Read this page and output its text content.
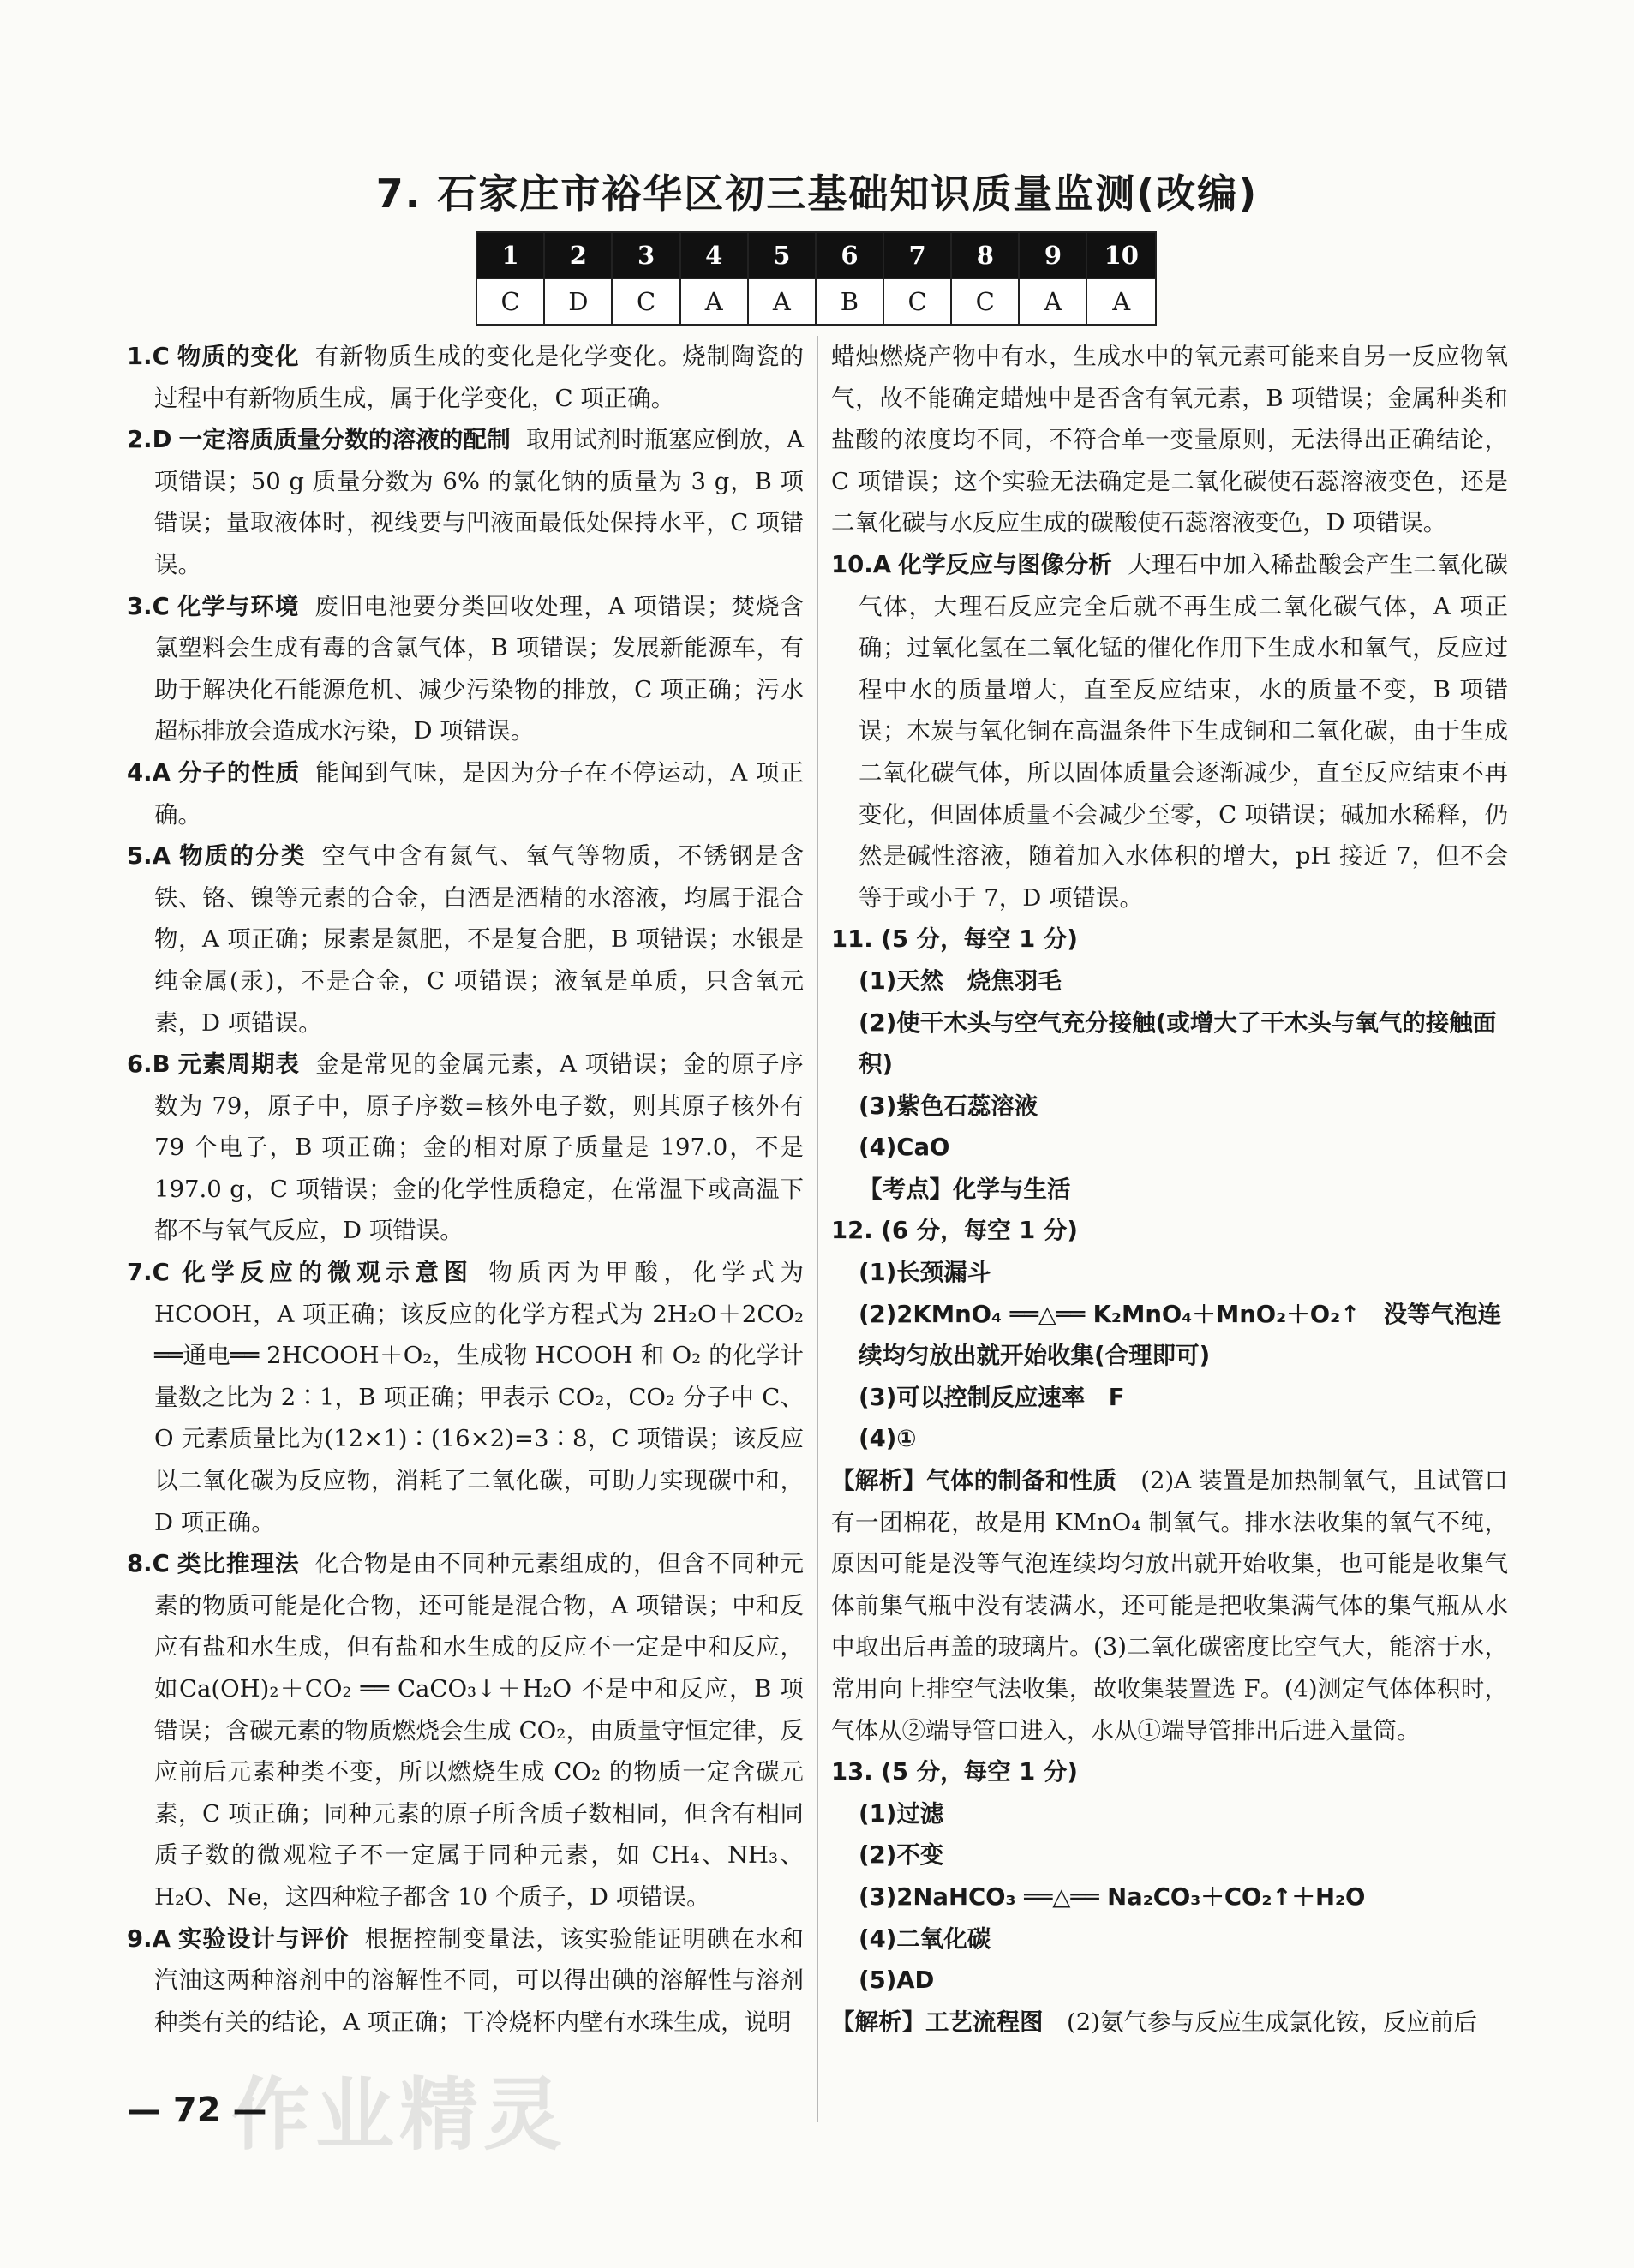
7. 石家庄市裕华区初三基础知识质量监测(改编)
1	2	3	4	5	6	7	8	9	10
C	D	C	A	A	B	C	C	A	A

1.C 物质的变化 有新物质生成的变化是化学变化。烧制陶瓷的过程中有新物质生成，属于化学变化，C 项正确。

2.D 一定溶质质量分数的溶液的配制 取用试剂时瓶塞应倒放，A 项错误；50 g 质量分数为 6% 的氯化钠的质量为 3 g，B 项错误；量取液体时，视线要与凹液面最低处保持水平，C 项错误。

3.C 化学与环境 废旧电池要分类回收处理，A 项错误；焚烧含氯塑料会生成有毒的含氯气体，B 项错误；发展新能源车，有助于解决化石能源危机、减少污染物的排放，C 项正确；污水超标排放会造成水污染，D 项错误。

4.A 分子的性质 能闻到气味，是因为分子在不停运动，A 项正确。

5.A 物质的分类 空气中含有氮气、氧气等物质，不锈钢是含铁、铬、镍等元素的合金，白酒是酒精的水溶液，均属于混合物，A 项正确；尿素是氮肥，不是复合肥，B 项错误；水银是纯金属(汞)，不是合金，C 项错误；液氧是单质，只含氧元素，D 项错误。

6.B 元素周期表 金是常见的金属元素，A 项错误；金的原子序数为 79，原子中，原子序数=核外电子数，则其原子核外有 79 个电子，B 项正确；金的相对原子质量是 197.0，不是 197.0 g，C 项错误；金的化学性质稳定，在常温下或高温下都不与氧气反应，D 项错误。

7.C 化学反应的微观示意图 物质丙为甲酸，化学式为 HCOOH，A 项正确；该反应的化学方程式为 2H₂O＋2CO₂ ══通电══ 2HCOOH＋O₂，生成物 HCOOH 和 O₂ 的化学计量数之比为 2∶1，B 项正确；甲表示 CO₂，CO₂ 分子中 C、O 元素质量比为(12×1)∶(16×2)=3∶8，C 项错误；该反应以二氧化碳为反应物，消耗了二氧化碳，可助力实现碳中和，D 项正确。

8.C 类比推理法 化合物是由不同种元素组成的，但含不同种元素的物质可能是化合物，还可能是混合物，A 项错误；中和反应有盐和水生成，但有盐和水生成的反应不一定是中和反应，如Ca(OH)₂＋CO₂ ══ CaCO₃↓＋H₂O 不是中和反应，B 项错误；含碳元素的物质燃烧会生成 CO₂，由质量守恒定律，反应前后元素种类不变，所以燃烧生成 CO₂ 的物质一定含碳元素，C 项正确；同种元素的原子所含质子数相同，但含有相同质子数的微观粒子不一定属于同种元素，如 CH₄、NH₃、H₂O、Ne，这四种粒子都含 10 个质子，D 项错误。

9.A 实验设计与评价 根据控制变量法，该实验能证明碘在水和汽油这两种溶剂中的溶解性不同，可以得出碘的溶解性与溶剂种类有关的结论，A 项正确；干冷烧杯内壁有水珠生成，说明

蜡烛燃烧产物中有水，生成水中的氧元素可能来自另一反应物氧气，故不能确定蜡烛中是否含有氧元素，B 项错误；金属种类和盐酸的浓度均不同，不符合单一变量原则，无法得出正确结论，C 项错误；这个实验无法确定是二氧化碳使石蕊溶液变色，还是二氧化碳与水反应生成的碳酸使石蕊溶液变色，D 项错误。

10.A 化学反应与图像分析 大理石中加入稀盐酸会产生二氧化碳气体，大理石反应完全后就不再生成二氧化碳气体，A 项正确；过氧化氢在二氧化锰的催化作用下生成水和氧气，反应过程中水的质量增大，直至反应结束，水的质量不变，B 项错误；木炭与氧化铜在高温条件下生成铜和二氧化碳，由于生成二氧化碳气体，所以固体质量会逐渐减少，直至反应结束不再变化，但固体质量不会减少至零，C 项错误；碱加水稀释，仍然是碱性溶液，随着加入水体积的增大，pH 接近 7，但不会等于或小于 7，D 项错误。

11. (5 分，每空 1 分)

(1)天然　烧焦羽毛

(2)使干木头与空气充分接触(或增大了干木头与氧气的接触面积)

(3)紫色石蕊溶液

(4)CaO

【考点】化学与生活

12. (6 分，每空 1 分)

(1)长颈漏斗

(2)2KMnO₄ ══△══ K₂MnO₄＋MnO₂＋O₂↑　没等气泡连续均匀放出就开始收集(合理即可)

(3)可以控制反应速率　F

(4)①

【解析】气体的制备和性质　 (2)A 装置是加热制氧气，且试管口有一团棉花，故是用 KMnO₄ 制氧气。排水法收集的氧气不纯，原因可能是没等气泡连续均匀放出就开始收集，也可能是收集气体前集气瓶中没有装满水，还可能是把收集满气体的集气瓶从水中取出后再盖的玻璃片。(3)二氧化碳密度比空气大，能溶于水，常用向上排空气法收集，故收集装置选 F。(4)测定气体体积时，气体从②端导管口进入，水从①端导管排出后进入量筒。

13. (5 分，每空 1 分)

(1)过滤

(2)不变

(3)2NaHCO₃ ══△══ Na₂CO₃＋CO₂↑＋H₂O

(4)二氧化碳

(5)AD

【解析】工艺流程图　 (2)氨气参与反应生成氯化铵，反应前后

作业精灵
— 72 —
